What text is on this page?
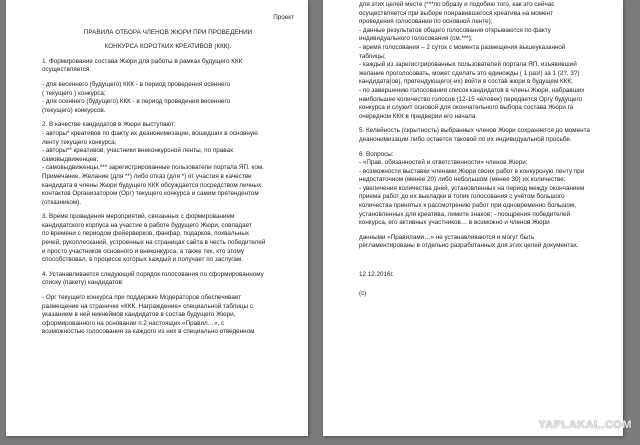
Проект

ПРАВИЛА ОТБОРА ЧЛЕНОВ ЖЮРИ ПРИ ПРОВЕДЕНИИ

КОНКУРСА КОРОТКИХ КРЕАТИВОВ (ККК).

1. Формирование состава Жюри для работы в рамках будущего ККК

осуществляется:

- для весеннего (будущего) ККК - в период проведения осеннего

( текущего ) конкурса;

- для осеннего (будущего) ККК - в период проведения весеннего

(текущего) конкурсов.

2. В качестве кандидатов в Жюри выступают:

- авторы* креативов по факту их деанонимизации, вошедших в основную

ленту текущего конкурса;

- авторы** креативов, участники внеконкурсной ленты, по правах

самовыдвиженцев;

- самовыдвиженцы,*** зарегистрированные пользователи портала ЯП. ком.

Примечание. Желание (для **) либо отказ (для *) от участия в качестве

кандидата в члены Жюри будущего ККК обсуждается посредством личных

контактов Организатором (Орг) текущего конкурса и самим претендентом

(отказником).

3. Время проведения мероприятий, связанных с формированием

кандидатского корпуса на участие в работе будущего Жюри, совпадает

по времени с периодом фейерверков, фанфар, подарков, похвальных

речей, рукоплесканий, устроенных на страницах сайта в честь победителей

и просто участников основного и внеконкурса, а также тех, кто этому

способствовал, в процессе которых каждый и получает по заслугам.

4. Устанавливается следующий порядок голосования по сформированному

списку (пакету) кандидатов:

- Орг текущего конкурса при поддержке Модераторов обеспечивает

размещение на страничке «ККК. Награждение» специальной таблицы с

указанием в ней никнеймов кандидатов в состав будущего Жюри,

сформированного на основании п.2 настоящих «Правил…», с

возможностью голосования за каждого из них в специально отведенном

для этих целей месте (***по образу и подобию того, как это сейчас

осуществляется при выборе понравившегося креатива на момент

проведения голосования по основной ленте);

- данные результатов общего голосования открываются по факту

индивидуального голосования (см.***);

- время голосования – 2 суток с момента размещения вышеуказанной

таблицы;

- каждый из зарегистрированных пользователей портала ЯП, изъявивший

желание проголосовать, может сделать это единожды ( 1 раз!) за 1 (2?, 3?)

кандидата(ов), претендующего(-их) войти в состав жюри в будущем ККК;

- по завершению голосования список кандидатов в члены Жюри, набравших

наибольшее количество голосов (12-15 человек) передается Оргу будущего

конкурса и служит основой для окончательного выбора состава Жюри га

очередном ККК в предверии его начала.

5. Келейность (скрытность) выбранных членов Жюри сохраняется до момента

деанонимизации либо остается таковой по их индивидуальной просьбе.

6. Вопросы:

- «Прав, обязанностей и ответственности» членов Жюри;

- возможности выставки членами Жюри своих работ в конкурсную ленту при

недостаточном (менее 20) либо небольшом (менее 30) их количестве;

- увеличения количества дней, установленных на период между окончанием

приема работ до их выкладки в топик голосования с учётом большого

количества принятых к рассмотрению работ при одновременно большом,

установленных для креатива, лимите знаков; - поощрения победителей

конкурса, его активных участников… в возможно и членов Жюри

данными «Правилами…» не устанавливаются и могут быть

регламентированы в отдельно разработанных для этих целей документах.

12.12.2016г.

(с)

YAPLAKAL.COM
